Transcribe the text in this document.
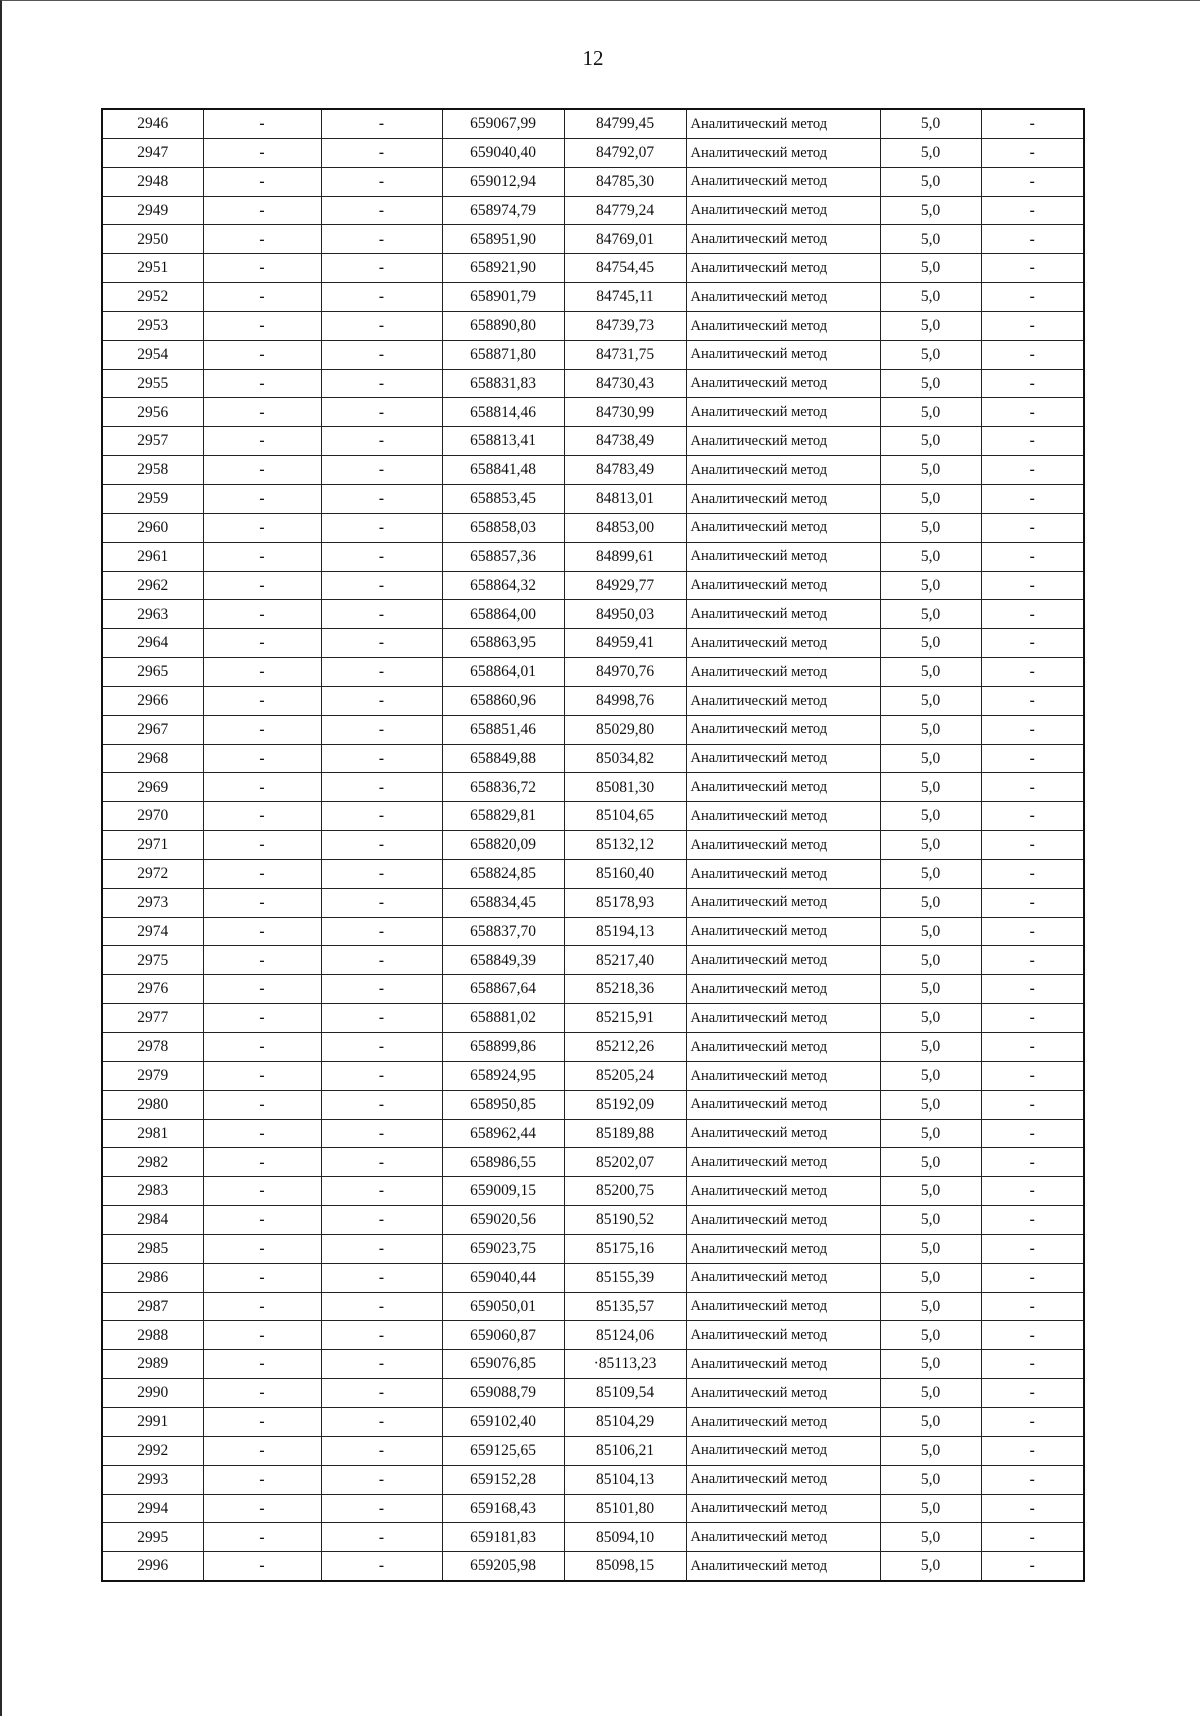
12
2946	-	-	659067,99	84799,45	Аналитический метод	5,0	-
2947	-	-	659040,40	84792,07	Аналитический метод	5,0	-
2948	-	-	659012,94	84785,30	Аналитический метод	5,0	-
2949	-	-	658974,79	84779,24	Аналитический метод	5,0	-
2950	-	-	658951,90	84769,01	Аналитический метод	5,0	-
2951	-	-	658921,90	84754,45	Аналитический метод	5,0	-
2952	-	-	658901,79	84745,11	Аналитический метод	5,0	-
2953	-	-	658890,80	84739,73	Аналитический метод	5,0	-
2954	-	-	658871,80	84731,75	Аналитический метод	5,0	-
2955	-	-	658831,83	84730,43	Аналитический метод	5,0	-
2956	-	-	658814,46	84730,99	Аналитический метод	5,0	-
2957	-	-	658813,41	84738,49	Аналитический метод	5,0	-
2958	-	-	658841,48	84783,49	Аналитический метод	5,0	-
2959	-	-	658853,45	84813,01	Аналитический метод	5,0	-
2960	-	-	658858,03	84853,00	Аналитический метод	5,0	-
2961	-	-	658857,36	84899,61	Аналитический метод	5,0	-
2962	-	-	658864,32	84929,77	Аналитический метод	5,0	-
2963	-	-	658864,00	84950,03	Аналитический метод	5,0	-
2964	-	-	658863,95	84959,41	Аналитический метод	5,0	-
2965	-	-	658864,01	84970,76	Аналитический метод	5,0	-
2966	-	-	658860,96	84998,76	Аналитический метод	5,0	-
2967	-	-	658851,46	85029,80	Аналитический метод	5,0	-
2968	-	-	658849,88	85034,82	Аналитический метод	5,0	-
2969	-	-	658836,72	85081,30	Аналитический метод	5,0	-
2970	-	-	658829,81	85104,65	Аналитический метод	5,0	-
2971	-	-	658820,09	85132,12	Аналитический метод	5,0	-
2972	-	-	658824,85	85160,40	Аналитический метод	5,0	-
2973	-	-	658834,45	85178,93	Аналитический метод	5,0	-
2974	-	-	658837,70	85194,13	Аналитический метод	5,0	-
2975	-	-	658849,39	85217,40	Аналитический метод	5,0	-
2976	-	-	658867,64	85218,36	Аналитический метод	5,0	-
2977	-	-	658881,02	85215,91	Аналитический метод	5,0	-
2978	-	-	658899,86	85212,26	Аналитический метод	5,0	-
2979	-	-	658924,95	85205,24	Аналитический метод	5,0	-
2980	-	-	658950,85	85192,09	Аналитический метод	5,0	-
2981	-	-	658962,44	85189,88	Аналитический метод	5,0	-
2982	-	-	658986,55	85202,07	Аналитический метод	5,0	-
2983	-	-	659009,15	85200,75	Аналитический метод	5,0	-
2984	-	-	659020,56	85190,52	Аналитический метод	5,0	-
2985	-	-	659023,75	85175,16	Аналитический метод	5,0	-
2986	-	-	659040,44	85155,39	Аналитический метод	5,0	-
2987	-	-	659050,01	85135,57	Аналитический метод	5,0	-
2988	-	-	659060,87	85124,06	Аналитический метод	5,0	-
2989	-	-	659076,85	·85113,23	Аналитический метод	5,0	-
2990	-	-	659088,79	85109,54	Аналитический метод	5,0	-
2991	-	-	659102,40	85104,29	Аналитический метод	5,0	-
2992	-	-	659125,65	85106,21	Аналитический метод	5,0	-
2993	-	-	659152,28	85104,13	Аналитический метод	5,0	-
2994	-	-	659168,43	85101,80	Аналитический метод	5,0	-
2995	-	-	659181,83	85094,10	Аналитический метод	5,0	-
2996	-	-	659205,98	85098,15	Аналитический метод	5,0	-
